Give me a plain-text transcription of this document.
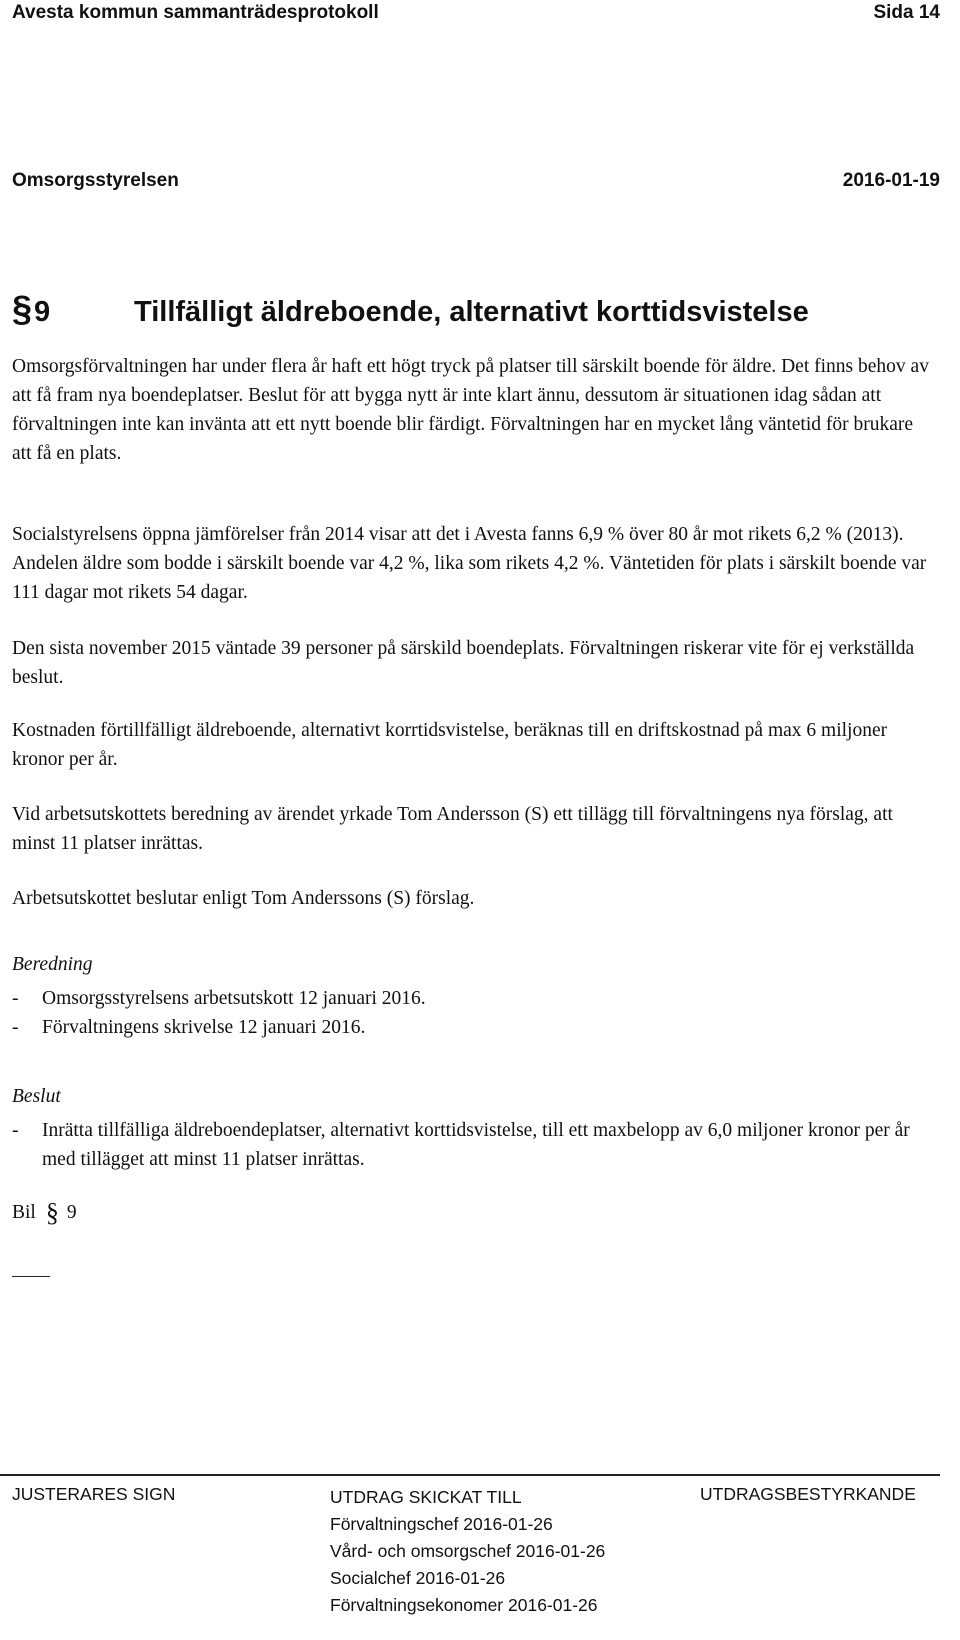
Avesta kommun sammanträdesprotokoll	Sida 14
Omsorgsstyrelsen	2016-01-19
§ 9	Tillfälligt äldreboende, alternativt korttidsvistelse

Omsorgsförvaltningen har under flera år haft ett högt tryck på platser till särskilt boende för äldre. Det finns behov av att få fram nya boendeplatser. Beslut för att bygga nytt är inte klart ännu, dessutom är situationen idag sådan att förvaltningen inte kan invänta att ett nytt boende blir färdigt. Förvaltningen har en mycket lång väntetid för brukare att få en plats.

Socialstyrelsens öppna jämförelser från 2014 visar att det i Avesta fanns 6,9 % över 80 år mot rikets 6,2 % (2013). Andelen äldre som bodde i särskilt boende var 4,2 %, lika som rikets 4,2 %. Väntetiden för plats i särskilt boende var 111 dagar mot rikets 54 dagar.

Den sista november 2015 väntade 39 personer på särskild boendeplats. Förvaltningen riskerar vite för ej verkställda beslut.

Kostnaden förtillfälligt äldreboende, alternativt korrtidsvistelse, beräknas till en driftskostnad på max 6 miljoner kronor per år.

Vid arbetsutskottets beredning av ärendet yrkade Tom Andersson (S) ett tillägg till förvaltningens nya förslag, att minst 11 platser inrättas.

Arbetsutskottet beslutar enligt Tom Anderssons (S) förslag.

Beredning
-	Omsorgsstyrelsens arbetsutskott 12 januari 2016.
-	Förvaltningens skrivelse 12 januari 2016.
Beslut
-	Inrätta tillfälliga äldreboendeplatser, alternativt korttidsvistelse, till ett maxbelopp av 6,0 miljoner kronor per år med tillägget att minst 11 platser inrättas.
Bil § 9
JUSTERARES SIGN	UTDRAG SKICKAT TILL
Förvaltningschef 2016-01-26
Vård- och omsorgschef 2016-01-26
Socialchef 2016-01-26
Förvaltningsekonomer 2016-01-26
UTDRAGSBESTYRKANDE
